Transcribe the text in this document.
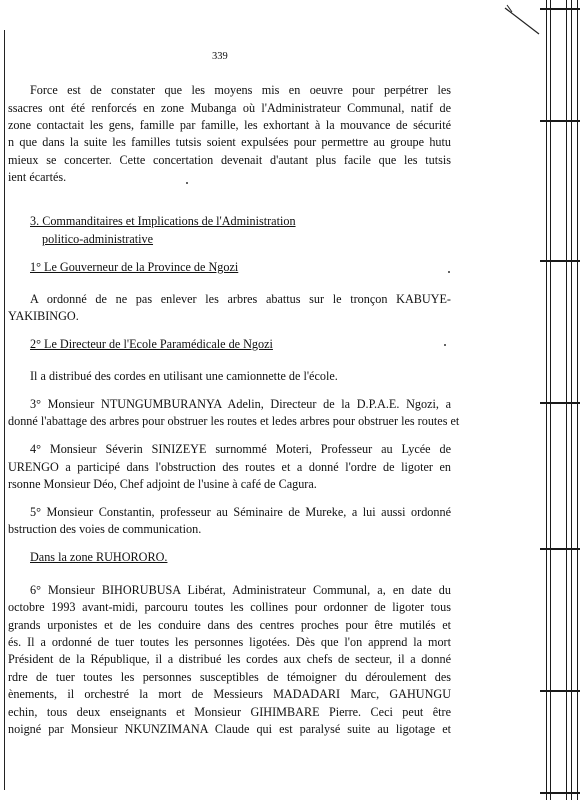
339
Force est de constater que les moyens mis en oeuvre pour perpétrer les
ssacres ont été renforcés en zone Mubanga où l'Administrateur Communal, natif de
zone contactait les gens, famille par famille, les exhortant à la mouvance de sécurité
n que dans la suite les familles tutsis soient expulsées pour permettre au groupe hutu
mieux se concerter. Cette concertation devenait d'autant plus facile que les tutsis
ient écartés.
3. Commanditaires et Implications de l'Administration
politico-administrative
1° Le Gouverneur de la Province de Ngozi
A ordonné de ne pas enlever les arbres abattus sur le tronçon KABUYE-
YAKIBINGO.
2° Le Directeur de l'Ecole Paramédicale de Ngozi
Il a distribué des cordes en utilisant une camionnette de l'école.
3° Monsieur NTUNGUMBURANYA Adelin, Directeur de la D.P.A.E. Ngozi, a
donné l'abattage des arbres pour obstruer les routes et ledes arbres pour obstruer les routes et
4° Monsieur Séverin SINIZEYE surnommé Moteri, Professeur au Lycée de
URENGO a participé dans l'obstruction des routes et a donné l'ordre de ligoter en
rsonne Monsieur Déo, Chef adjoint de l'usine à café de Cagura.
5° Monsieur Constantin, professeur au Séminaire de Mureke, a lui aussi ordonné
bstruction des voies de communication.
Dans la zone RUHORORO.
6° Monsieur BIHORUBUSA Libérat, Administrateur Communal, a, en date du
octobre 1993 avant-midi, parcouru toutes les collines pour ordonner de ligoter tous
grands urponistes et de les conduire dans des centres proches pour être mutilés et
és. Il a ordonné de tuer toutes les personnes ligotées. Dès que l'on apprend la mort
Président de la République, il a distribué les cordes aux chefs de secteur, il a donné
rdre de tuer toutes les personnes susceptibles de témoigner du déroulement des
ènements, il orchestré la mort de Messieurs MADADARI Marc, GAHUNGU
echin, tous deux enseignants et Monsieur GIHIMBARE Pierre. Ceci peut être
noigné par Monsieur NKUNZIMANA Claude qui est paralysé suite au ligotage et
